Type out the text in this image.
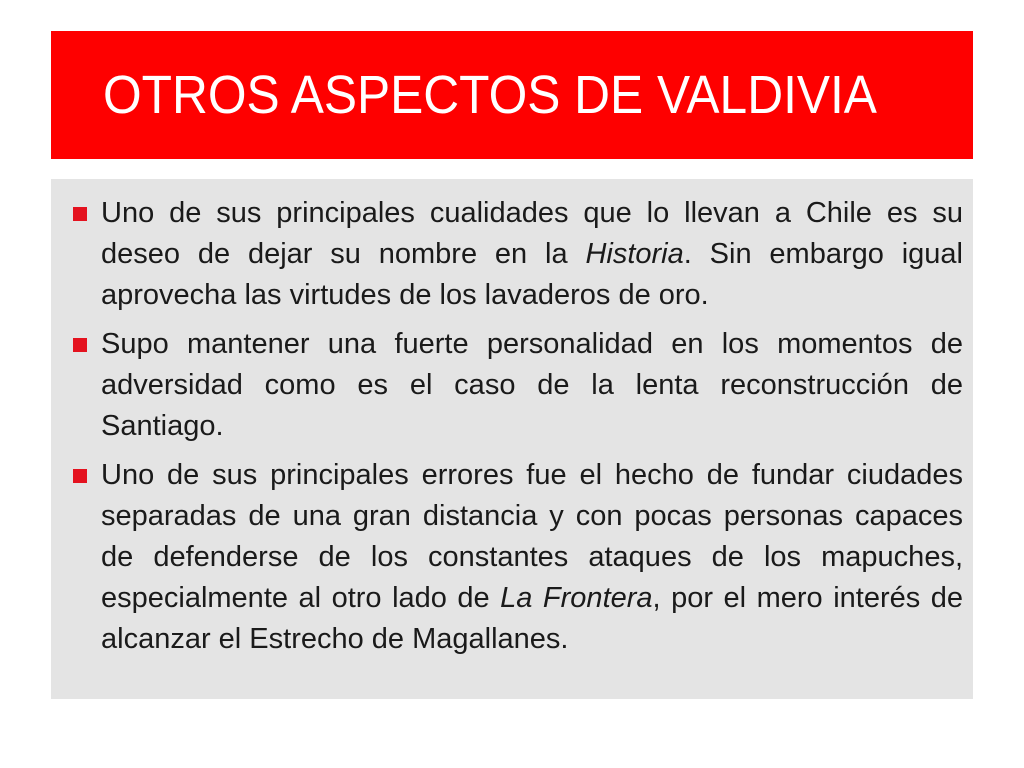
OTROS ASPECTOS DE VALDIVIA
Uno de sus principales cualidades que lo llevan a Chile es su deseo de dejar su nombre en la Historia. Sin embargo igual aprovecha las virtudes de los lavaderos de oro.
Supo mantener una fuerte personalidad en los momentos de adversidad como es el caso de la lenta reconstrucción de Santiago.
Uno de sus principales errores fue el hecho de fundar ciudades separadas de una gran distancia y con pocas personas capaces de defenderse de los constantes ataques de los mapuches, especialmente al otro lado de La Frontera, por el mero interés de alcanzar el Estrecho de Magallanes.
